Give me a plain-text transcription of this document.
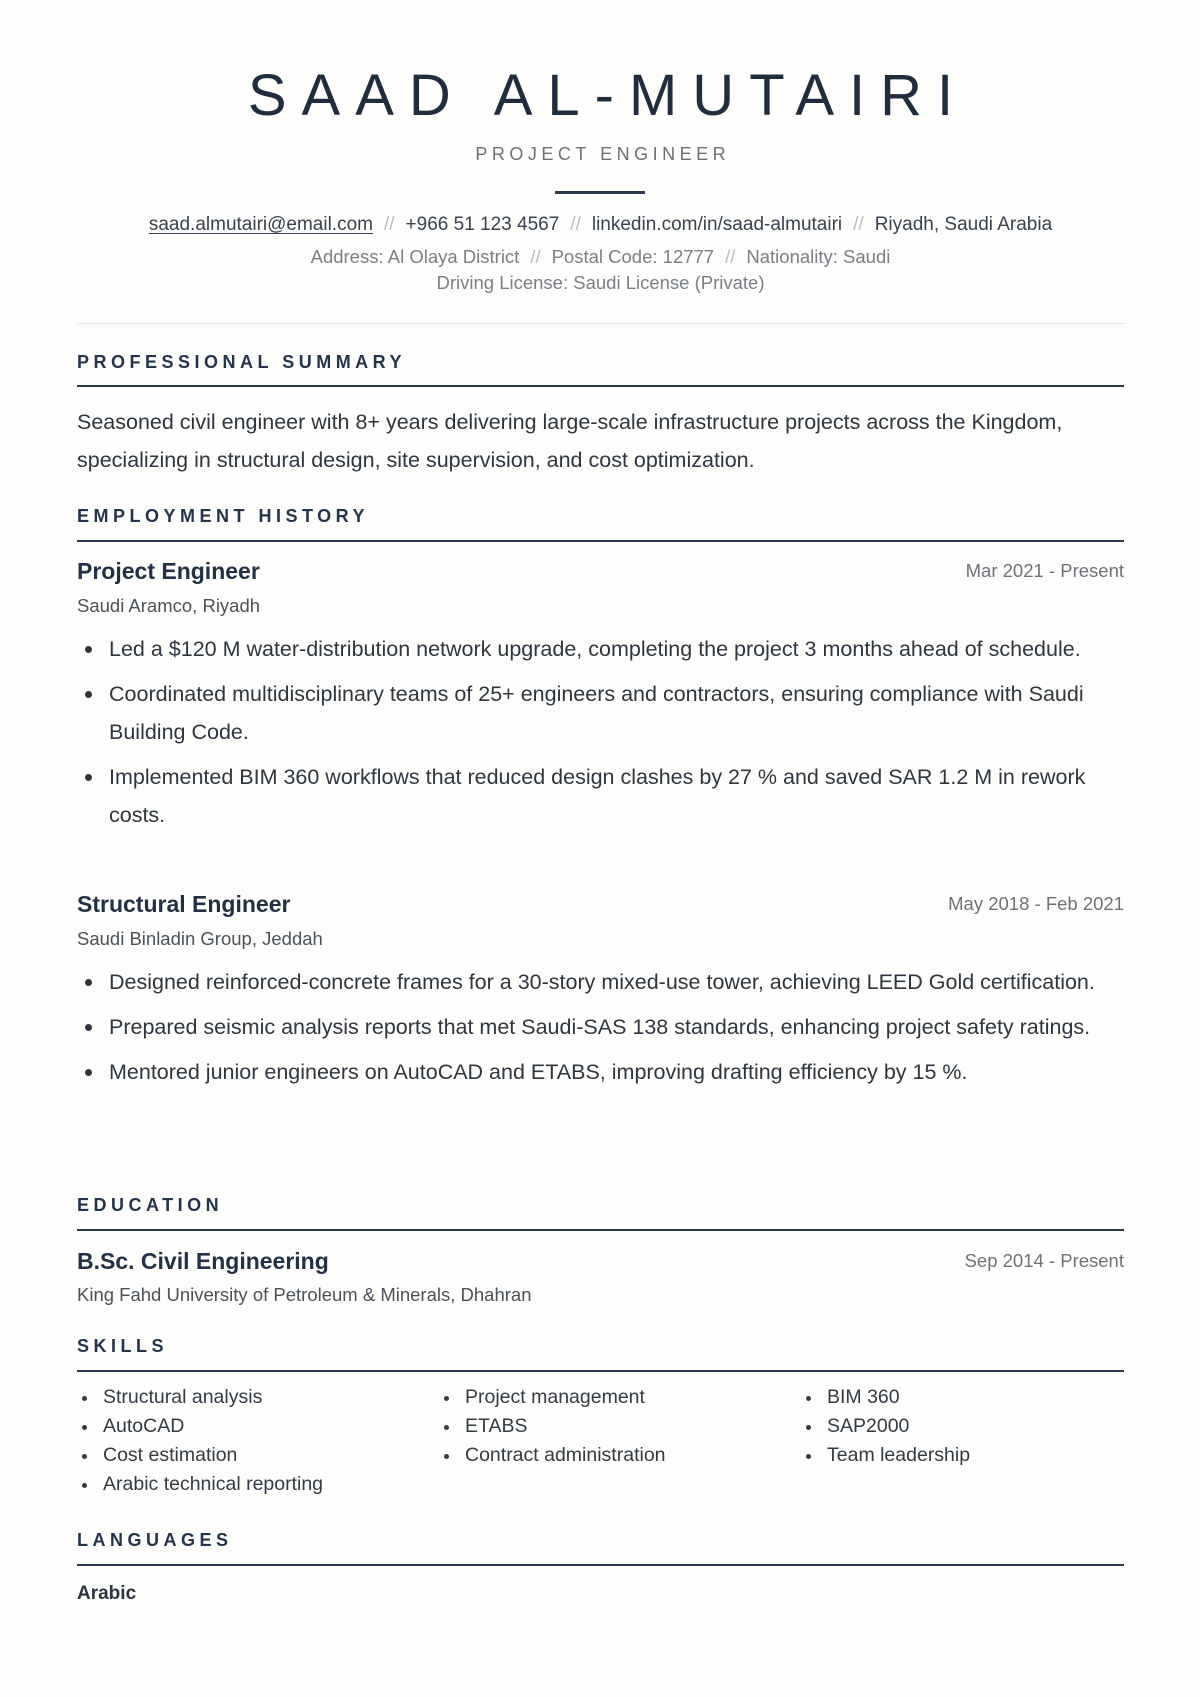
SAAD AL-MUTAIRI
PROJECT ENGINEER
saad.almutairi@email.com // +966 51 123 4567 // linkedin.com/in/saad-almutairi // Riyadh, Saudi Arabia
Address: Al Olaya District // Postal Code: 12777 // Nationality: Saudi
Driving License: Saudi License (Private)
PROFESSIONAL SUMMARY
Seasoned civil engineer with 8+ years delivering large-scale infrastructure projects across the Kingdom, specializing in structural design, site supervision, and cost optimization.
EMPLOYMENT HISTORY
Project Engineer	Mar 2021 - Present
Saudi Aramco, Riyadh
Led a $120 M water-distribution network upgrade, completing the project 3 months ahead of schedule.
Coordinated multidisciplinary teams of 25+ engineers and contractors, ensuring compliance with Saudi Building Code.
Implemented BIM 360 workflows that reduced design clashes by 27 % and saved SAR 1.2 M in rework costs.
Structural Engineer	May 2018 - Feb 2021
Saudi Binladin Group, Jeddah
Designed reinforced-concrete frames for a 30-story mixed-use tower, achieving LEED Gold certification.
Prepared seismic analysis reports that met Saudi-SAS 138 standards, enhancing project safety ratings.
Mentored junior engineers on AutoCAD and ETABS, improving drafting efficiency by 15 %.
EDUCATION
B.Sc. Civil Engineering	Sep 2014 - Present
King Fahd University of Petroleum & Minerals, Dhahran
SKILLS
Structural analysis
AutoCAD
Cost estimation
Arabic technical reporting
Project management
ETABS
Contract administration
BIM 360
SAP2000
Team leadership
LANGUAGES
Arabic
